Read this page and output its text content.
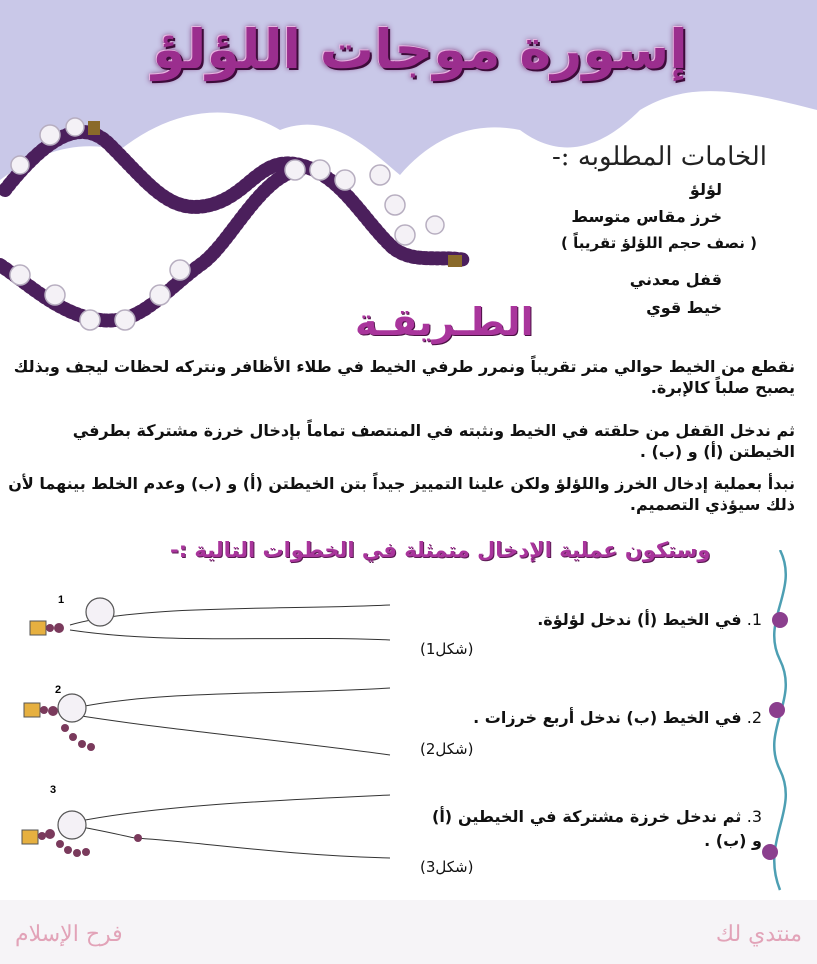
إسورة موجات اللؤلؤ
الخامات المطلوبه :-
لؤلؤ
خرز مقاس متوسط
( نصف حجم اللؤلؤ تقريباً )
قفل معدني
خيط قوي
الطـريقـة
نقطع من الخيط حوالي متر تقريباً ونمرر طرفي الخيط في طلاء الأظافر ونتركه لحظات ليجف وبذلك يصبح صلباً كالإبرة.
ثم ندخل القفل من حلقته في الخيط ونثبته في المنتصف تماماً بإدخال خرزة مشتركة بطرفي الخيطتن (أ) و (ب) .
نبدأ بعملية إدخال الخرز واللؤلؤ ولكن علينا التمييز جيداً بتن الخيطتن (أ) و (ب) وعدم الخلط بينهما لأن ذلك سيؤذي التصميم.
وستكون عملية الإدخال متمثلة في الخطوات التالية :-
1
2
3
1. في الخيط (أ) ندخل لؤلؤة.
(شكل1)
2. في الخيط (ب) ندخل أربع خرزات .
(شكل2)
3. ثم ندخل خرزة مشتركة في الخيطين (أ) و (ب) .
(شكل3)
فرح الإسلام	منتدي لك
